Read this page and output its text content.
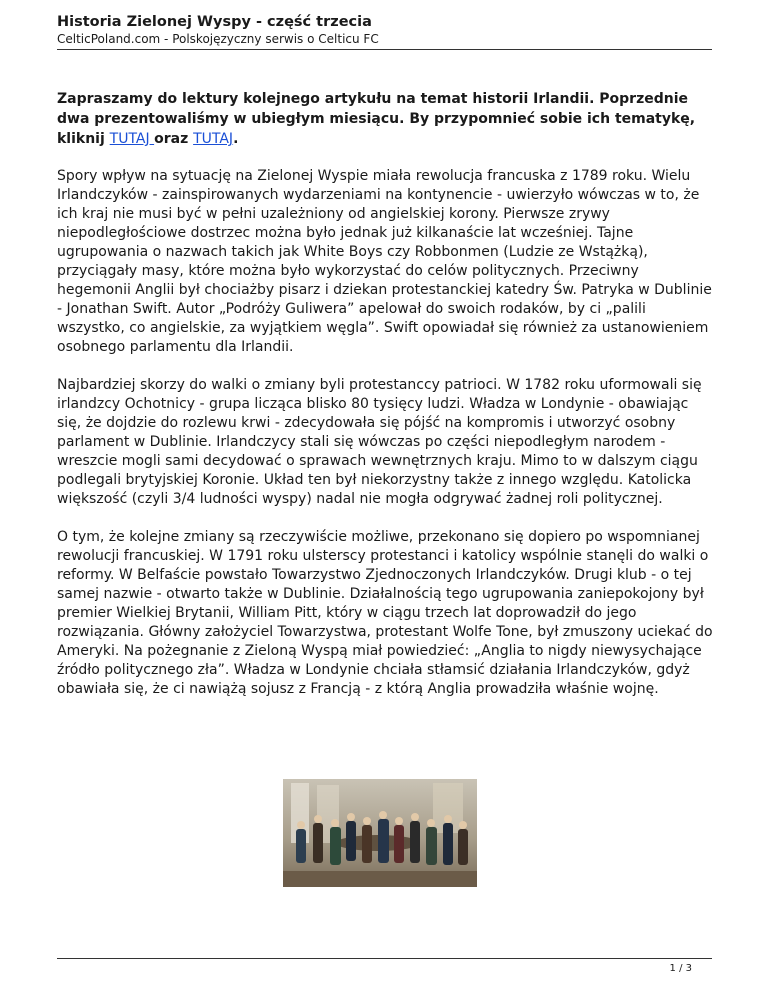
Historia Zielonej Wyspy - część trzecia

CelticPoland.com - Polskojęzyczny serwis o Celticu FC

Zapraszamy do lektury kolejnego artykułu na temat historii Irlandii. Poprzednie dwa prezentowaliśmy w ubiegłym miesiącu. By przypomnieć sobie ich tematykę, kliknij TUTAJ oraz TUTAJ.

Spory wpływ na sytuację na Zielonej Wyspie miała rewolucja francuska z 1789 roku. Wielu Irlandczyków - zainspirowanych wydarzeniami na kontynencie - uwierzyło wówczas w to, że ich kraj nie musi być w pełni uzależniony od angielskiej korony. Pierwsze zrywy niepodległościowe dostrzec można było jednak już kilkanaście lat wcześniej. Tajne ugrupowania o nazwach takich jak White Boys czy Robbonmen (Ludzie ze Wstążką), przyciągały masy, które można było wykorzystać do celów politycznych. Przeciwny hegemonii Anglii był chociażby pisarz i dziekan protestanckiej katedry Św. Patryka w Dublinie - Jonathan Swift. Autor „Podróży Guliwera” apelował do swoich rodaków, by ci „palili wszystko, co angielskie, za wyjątkiem węgla”. Swift opowiadał się również za ustanowieniem osobnego parlamentu dla Irlandii.

Najbardziej skorzy do walki o zmiany byli protestanccy patrioci. W 1782 roku uformowali się irlandzcy Ochotnicy - grupa licząca blisko 80 tysięcy ludzi. Władza w Londynie - obawiając się, że dojdzie do rozlewu krwi - zdecydowała się pójść na kompromis i utworzyć osobny parlament w Dublinie. Irlandczycy stali się wówczas po części niepodległym narodem - wreszcie mogli sami decydować o sprawach wewnętrznych kraju. Mimo to w dalszym ciągu podlegali brytyjskiej Koronie. Układ ten był niekorzystny także z innego względu. Katolicka większość (czyli 3/4 ludności wyspy) nadal nie mogła odgrywać żadnej roli politycznej.

O tym, że kolejne zmiany są rzeczywiście możliwe, przekonano się dopiero po wspomnianej rewolucji francuskiej. W 1791 roku ulsterscy protestanci i katolicy wspólnie stanęli do walki o reformy. W Belfaście powstało Towarzystwo Zjednoczonych Irlandczyków. Drugi klub - o tej samej nazwie - otwarto także w Dublinie. Działalnością tego ugrupowania zaniepokojony był premier Wielkiej Brytanii, William Pitt, który w ciągu trzech lat doprowadził do jego rozwiązania. Główny założyciel Towarzystwa, protestant Wolfe Tone, był zmuszony uciekać do Ameryki. Na pożegnanie z Zieloną Wyspą miał powiedzieć: „Anglia to nigdy niewysychające źródło politycznego zła”. Władza w Londynie chciała stłamsić działania Irlandczyków, gdyż obawiała się, że ci nawiążą sojusz z Francją - z którą Anglia prowadziła właśnie wojnę.

1 / 3
